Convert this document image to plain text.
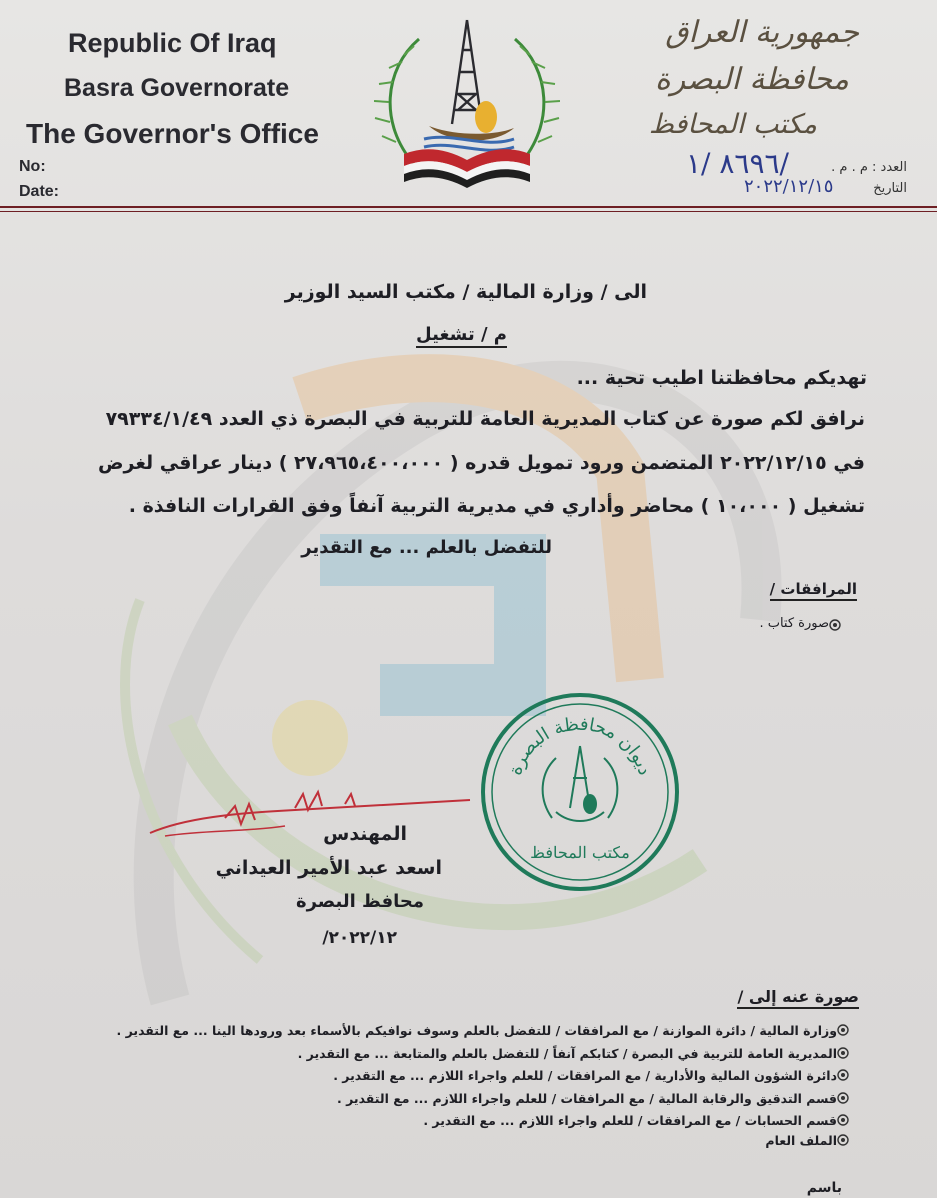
Republic Of Iraq
Basra Governorate
The Governor's Office
No:
Date:
جمهورية العراق
محافظة البصرة
مكتب المحافظ
العدد : م . م .
التاريخ
٨٦٩٦ /١/
٢٠٢٢/١٢/١٥
الى / وزارة المالية / مكتب السيد الوزير
م / تشغيل
تهديكم محافظتنا اطيب تحية ...
نرافق لكم صورة عن كتاب المديرية العامة للتربية في البصرة ذي العدد ٧٩٣٣٤/١/٤٩
في ٢٠٢٢/١٢/١٥ المتضمن ورود تمويل قدره ( ٢٧،٩٦٥،٤٠٠،٠٠٠ ) دينار عراقي لغرض
تشغيل ( ١٠،٠٠٠ ) محاضر وأداري في مديرية التربية آنفاً وفق القرارات النافذة .
للتفضل بالعلم ... مع التقدير
المرافقات /
صورة كتاب .
المهندس
اسعد عبد الأمير العيداني
محافظ البصرة
٢٠٢٢/١٢/
ديوان محافظة البصرة
مكتب المحافظ
صورة عنه إلى /
وزارة المالية / دائرة الموازنة / مع المرافقات / للتفضل بالعلم وسوف نوافيكم بالأسماء بعد ورودها الينا ... مع التقدير .
المديرية العامة للتربية في البصرة / كتابكم آنفاً / للتفضل بالعلم والمتابعة ... مع التقدير .
دائرة الشؤون المالية والأدارية / مع المرافقات / للعلم واجراء اللازم ... مع التقدير .
قسم التدقيق والرقابة المالية / مع المرافقات / للعلم واجراء اللازم ... مع التقدير .
قسم الحسابات / مع المرافقات / للعلم واجراء اللازم ... مع التقدير .
الملف العام
باسم
